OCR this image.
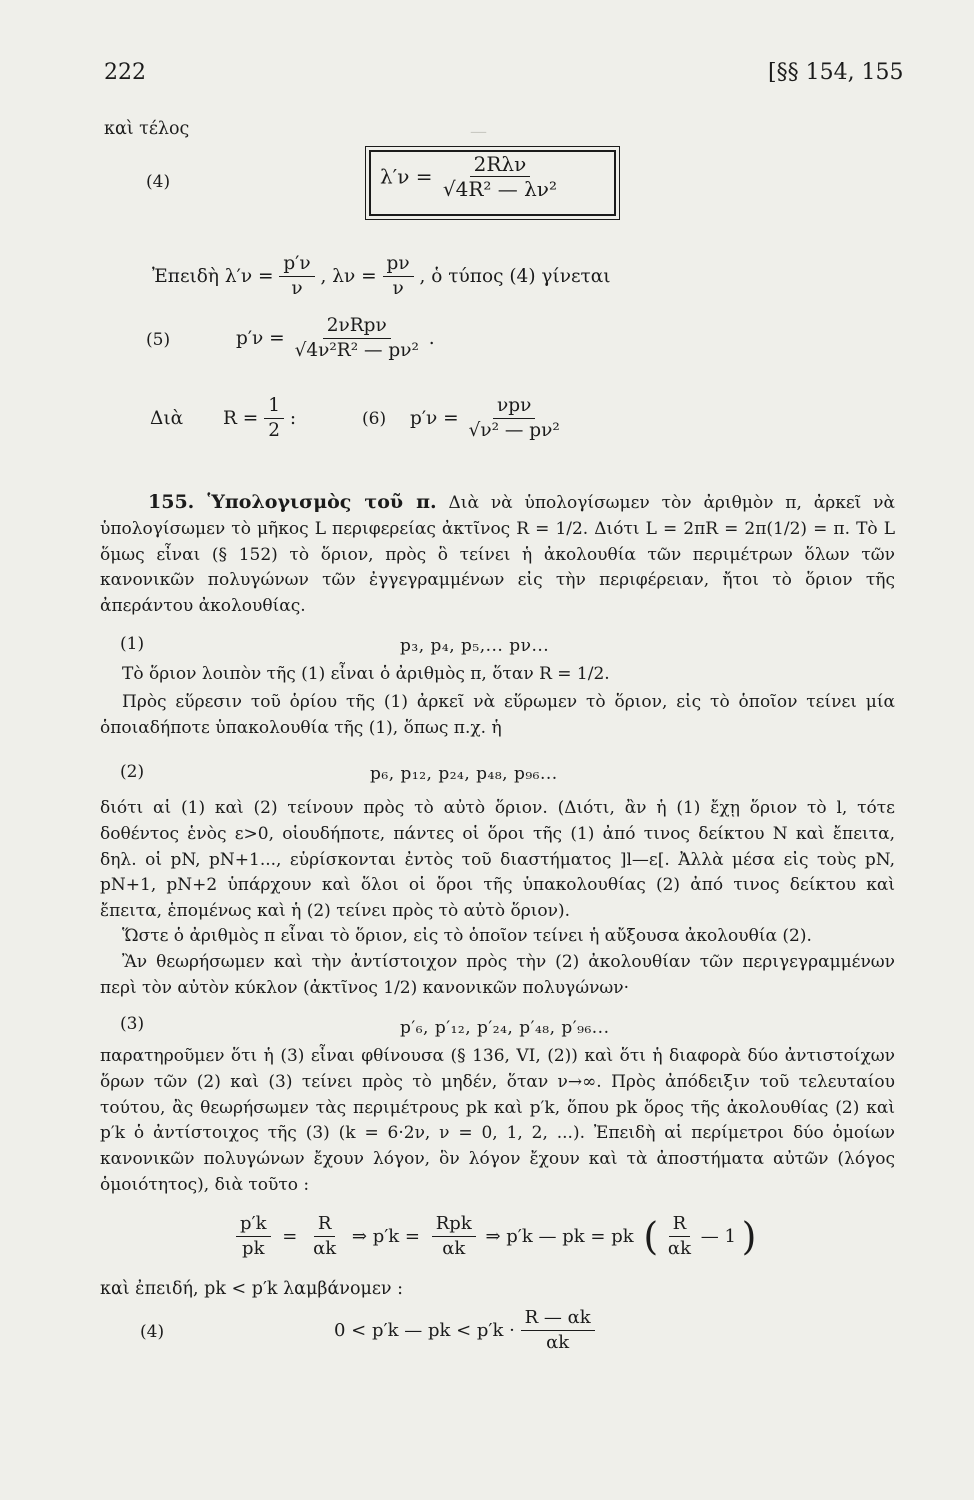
—
222	[§§ 154, 155
καὶ τέλος
(4)	$\lambda'\nu = \frac{\text{2Rλν}}{\text{√4R² — λν²}}$
Ἐπειδὴ $\lambda'\nu = \frac{p'\nu}{\nu}$ , $\lambda\nu = \frac{p\nu}{\nu}$ , ὁ τύπος (4) γίνεται
(5)	$p'\nu = \frac{\text{2νRpν}}{\text{√4ν²R² — pν²}}$ .
Διὰ $R = \frac{1}{2}$ :	(6) $p'\nu = \frac{\text{νpν}}{\text{√ν² — pν²}}$
155. Ὑπολογισμὸς τοῦ π. Διὰ νὰ ὑπολογίσωμεν τὸν ἀριθμὸν π, ἀρκεῖ νὰ ὑπολογίσωμεν τὸ μῆκος L περιφερείας ἀκτῖνος R = 1/2. Διότι L = 2πR = 2π(1/2) = π. Τὸ L ὅμως εἶναι (§ 152) τὸ ὅριον, πρὸς ὃ τείνει ἡ ἀκολουθία τῶν περιμέτρων ὅλων τῶν κανονικῶν πολυγώνων τῶν ἐγγεγραμμένων εἰς τὴν περιφέρειαν, ἤτοι τὸ ὅριον τῆς ἀπεράντου ἀκολουθίας.
(1)	p₃, p₄, p₅,... pν...
Τὸ ὅριον λοιπὸν τῆς (1) εἶναι ὁ ἀριθμὸς π, ὅταν R = 1/2.
Πρὸς εὕρεσιν τοῦ ὁρίου τῆς (1) ἀρκεῖ νὰ εὕρωμεν τὸ ὅριον, εἰς τὸ ὁποῖον τείνει μία ὁποιαδήποτε ὑπακολουθία τῆς (1), ὅπως π.χ. ἡ
(2)	p₆, p₁₂, p₂₄, p₄₈, p₉₆...
διότι αἱ (1) καὶ (2) τείνουν πρὸς τὸ αὐτὸ ὅριον. (Διότι, ἂν ἡ (1) ἔχῃ ὅριον τὸ l, τότε δοθέντος ἑνὸς ε>0, οἱουδήποτε, πάντες οἱ ὅροι τῆς (1) ἀπό τινος δείκτου N καὶ ἔπειτα, δηλ. οἱ pN, pN+1..., εὑρίσκονται ἐντὸς τοῦ διαστήματος ]l—ε[. Ἀλλὰ μέσα εἰς τοὺς pN, pN+1, pN+2 ὑπάρχουν καὶ ὅλοι οἱ ὅροι τῆς ὑπακολουθίας (2) ἀπό τινος δείκτου καὶ ἔπειτα, ἑπομένως καὶ ἡ (2) τείνει πρὸς τὸ αὐτὸ ὅριον).
Ὥστε ὁ ἀριθμὸς π εἶναι τὸ ὅριον, εἰς τὸ ὁποῖον τείνει ἡ αὔξουσα ἀκολουθία (2).
Ἂν θεωρήσωμεν καὶ τὴν ἀντίστοιχον πρὸς τὴν (2) ἀκολουθίαν τῶν περιγεγραμμένων περὶ τὸν αὐτὸν κύκλον (ἀκτῖνος 1/2) κανονικῶν πολυγώνων·
(3)	p′₆, p′₁₂, p′₂₄, p′₄₈, p′₉₆...
παρατηροῦμεν ὅτι ἡ (3) εἶναι φθίνουσα (§ 136, VI, (2)) καὶ ὅτι ἡ διαφορὰ δύο ἀντιστοίχων ὅρων τῶν (2) καὶ (3) τείνει πρὸς τὸ μηδέν, ὅταν ν→∞. Πρὸς ἀπόδειξιν τοῦ τελευταίου τούτου, ἂς θεωρήσωμεν τὰς περιμέτρους pk καὶ p′k, ὅπου pk ὅρος τῆς ἀκολουθίας (2) καὶ p′k ὁ ἀντίστοιχος τῆς (3) (k = 6·2ν, ν = 0, 1, 2, ...). Ἐπειδὴ αἱ περίμετροι δύο ὁμοίων κανονικῶν πολυγώνων ἔχουν λόγον, ὃν λόγον ἔχουν καὶ τὰ ἀποστήματα αὐτῶν (λόγος ὁμοιότητος), διὰ τοῦτο :
$\frac{p'k}{pk} = \frac{R}{\alpha k}$ ⇒ $p'k = \frac{\text{Rpk}}{\alpha k}$ ⇒ p′k — pk = pk ( $\frac{R}{\alpha k}$ — 1 )
καὶ ἐπειδή, pk < p′k λαμβάνομεν :
(4)	0 < p′k — pk < $p'k \cdot \frac{R — \alpha k}{\alpha k}$
